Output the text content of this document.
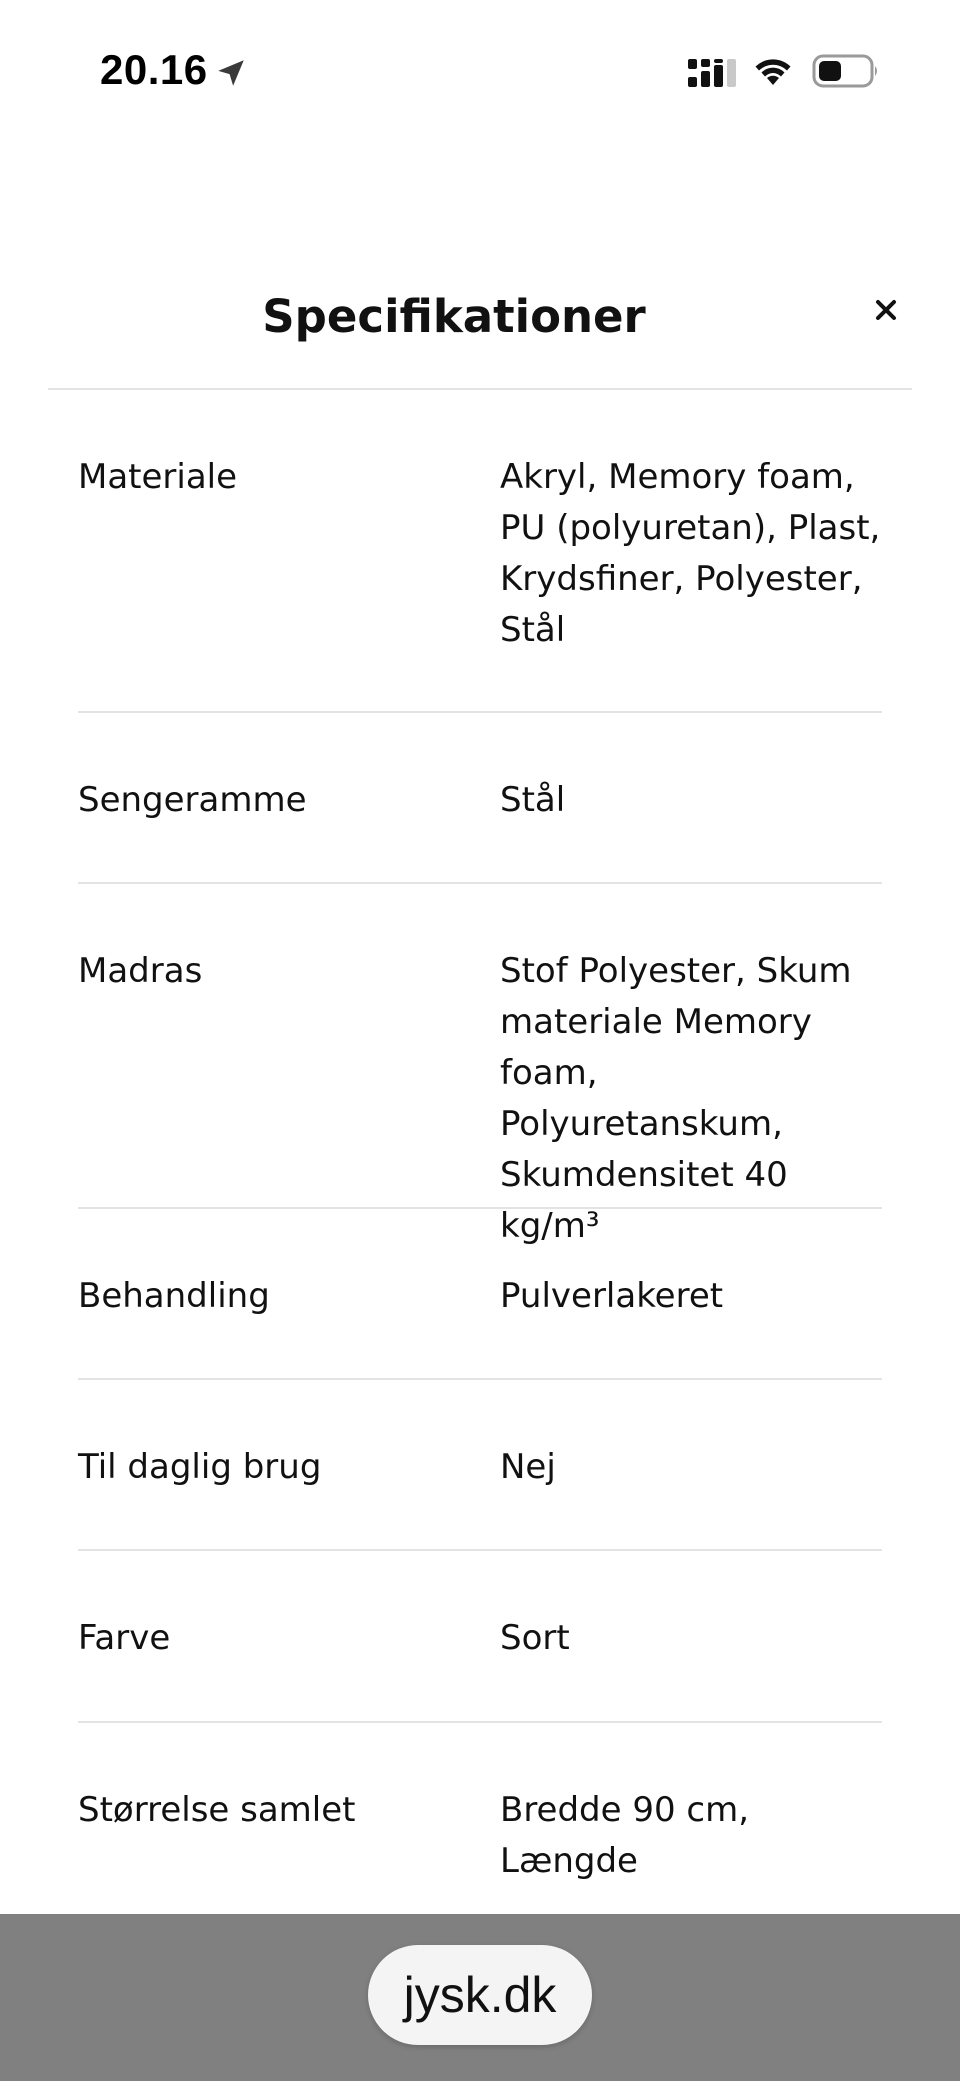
20.16
Specifikationer
Materiale	Akryl, Memory foam, PU (polyuretan), Plast, Krydsfiner, Polyester, Stål
Sengeramme	Stål
Madras	Stof Polyester, Skum materiale Memory foam, Polyuretanskum, Skumdensitet 40 kg/m³
Behandling	Pulverlakeret
Til daglig brug	Nej
Farve	Sort
Størrelse samlet	Bredde 90 cm, Længde
jysk.dk
